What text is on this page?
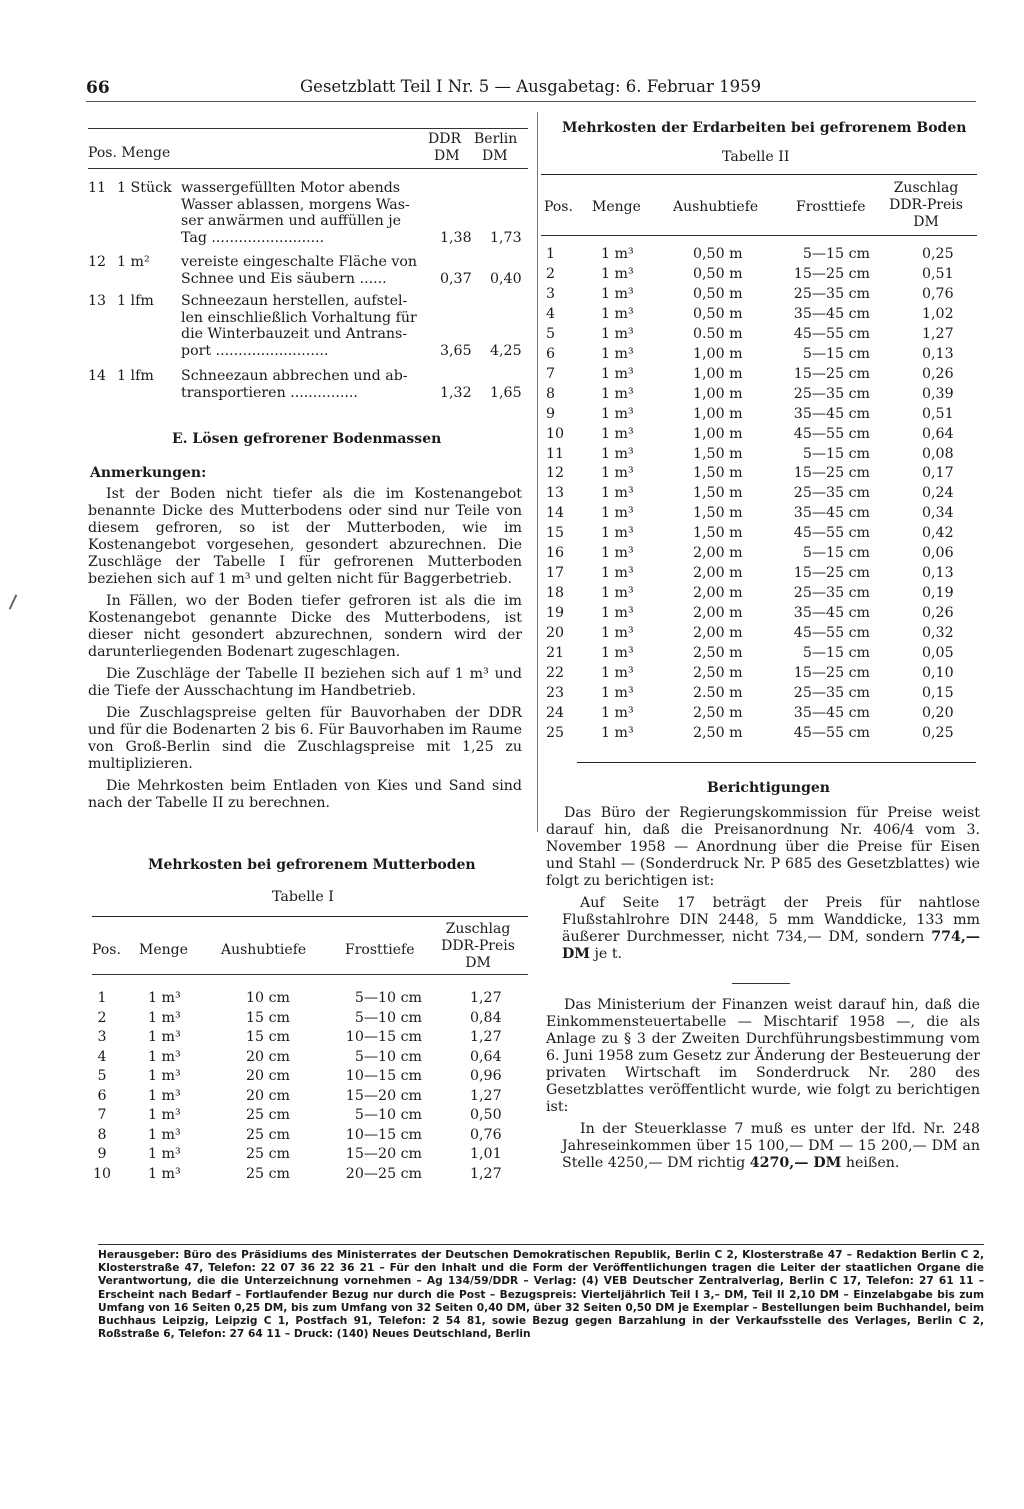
66	Gesetzblatt Teil I Nr. 5 — Ausgabetag: 6. Februar 1959
Pos. Menge
DDR Berlin
DM DM
11 1 Stück wassergefüllten Motor abends
Wasser ablassen, morgens Was-
ser anwärmen und auffüllen je
Tag .........................	1,38 1,73
12 1 m² vereiste eingeschalte Fläche von
Schnee und Eis säubern ......	0,37 0,40
13 1 lfm Schneezaun herstellen, aufstel-
len einschließlich Vorhaltung für
die Winterbauzeit und Antrans-
port .........................	3,65 4,25
14 1 lfm Schneezaun abbrechen und ab-
transportieren ...............	1,32 1,65
E. Lösen gefrorener Bodenmassen
Anmerkungen:

Ist der Boden nicht tiefer als die im Kostenangebot benannte Dicke des Mutterbodens oder sind nur Teile von diesem gefroren, so ist der Mutterboden, wie im Kostenangebot vorgesehen, gesondert abzurechnen. Die Zuschläge der Tabelle I für gefrorenen Mutterboden beziehen sich auf 1 m³ und gelten nicht für Baggerbetrieb.

In Fällen, wo der Boden tiefer gefroren ist als die im Kostenangebot genannte Dicke des Mutterbodens, ist dieser nicht gesondert abzurechnen, sondern wird der darunterliegenden Bodenart zugeschlagen.

Die Zuschläge der Tabelle II beziehen sich auf 1 m³ und die Tiefe der Ausschachtung im Handbetrieb.

Die Zuschlagspreise gelten für Bauvorhaben der DDR und für die Bodenarten 2 bis 6. Für Bauvorhaben im Raume von Groß-Berlin sind die Zuschlagspreise mit 1,25 zu multiplizieren.

Die Mehrkosten beim Entladen von Kies und Sand sind nach der Tabelle II zu berechnen.

Mehrkosten bei gefrorenem Mutterboden
Tabelle I
Pos. Menge Aushubtiefe	Frosttiefe
Zuschlag
DDR-Preis
DM
1	1 m³	10 cm	5—10 cm	1,27
2	1 m³	15 cm	5—10 cm	0,84
3	1 m³	15 cm	10—15 cm	1,27
4	1 m³	20 cm	5—10 cm	0,64
5	1 m³	20 cm	10—15 cm	0,96
6	1 m³	20 cm	15—20 cm	1,27
7	1 m³	25 cm	5—10 cm	0,50
8	1 m³	25 cm	10—15 cm	0,76
9	1 m³	25 cm	15—20 cm	1,01
10	1 m³	25 cm	20—25 cm	1,27
Mehrkosten der Erdarbeiten bei gefrorenem Boden
Tabelle II
Pos. Menge Aushubtiefe	Frosttiefe
Zuschlag
DDR-Preis
DM
1	1 m³	0,50 m	5—15 cm	0,25
2	1 m³	0,50 m	15—25 cm	0,51
3	1 m³	0,50 m	25—35 cm	0,76
4	1 m³	0,50 m	35—45 cm	1,02
5	1 m³	0.50 m	45—55 cm	1,27
6	1 m³	1,00 m	5—15 cm	0,13
7	1 m³	1,00 m	15—25 cm	0,26
8	1 m³	1,00 m	25—35 cm	0,39
9	1 m³	1,00 m	35—45 cm	0,51
10	1 m³	1,00 m	45—55 cm	0,64
11	1 m³	1,50 m	5—15 cm	0,08
12	1 m³	1,50 m	15—25 cm	0,17
13	1 m³	1,50 m	25—35 cm	0,24
14	1 m³	1,50 m	35—45 cm	0,34
15	1 m³	1,50 m	45—55 cm	0,42
16	1 m³	2,00 m	5—15 cm	0,06
17	1 m³	2,00 m	15—25 cm	0,13
18	1 m³	2,00 m	25—35 cm	0,19
19	1 m³	2,00 m	35—45 cm	0,26
20	1 m³	2,00 m	45—55 cm	0,32
21	1 m³	2,50 m	5—15 cm	0,05
22	1 m³	2,50 m	15—25 cm	0,10
23	1 m³	2.50 m	25—35 cm	0,15
24	1 m³	2,50 m	35—45 cm	0,20
25	1 m³	2,50 m	45—55 cm	0,25
Berichtigungen

Das Büro der Regierungskommission für Preise weist darauf hin, daß die Preisanordnung Nr. 406/4 vom 3. November 1958 — Anordnung über die Preise für Eisen und Stahl — (Sonderdruck Nr. P 685 des Gesetzblattes) wie folgt zu berichtigen ist:

Auf Seite 17 beträgt der Preis für nahtlose Flußstahlrohre DIN 2448, 5 mm Wanddicke, 133 mm äußerer Durchmesser, nicht 734,— DM, sondern 774,— DM je t.

Das Ministerium der Finanzen weist darauf hin, daß die Einkommensteuertabelle — Mischtarif 1958 —, die als Anlage zu § 3 der Zweiten Durchführungsbestimmung vom 6. Juni 1958 zum Gesetz zur Änderung der Besteuerung der privaten Wirtschaft im Sonderdruck Nr. 280 des Gesetzblattes veröffentlicht wurde, wie folgt zu berichtigen ist:

In der Steuerklasse 7 muß es unter der lfd. Nr. 248 Jahreseinkommen über 15 100,— DM — 15 200,— DM an Stelle 4250,— DM richtig 4270,— DM heißen.

Herausgeber: Büro des Präsidiums des Ministerrates der Deutschen Demokratischen Republik, Berlin C 2, Klosterstraße 47 – Redaktion Berlin C 2, Klosterstraße 47, Telefon: 22 07 36 22 36 21 – Für den Inhalt und die Form der Veröffentlichungen tragen die Leiter der staatlichen Organe die Verantwortung, die die Unterzeichnung vornehmen – Ag 134/59/DDR – Verlag: (4) VEB Deutscher Zentralverlag, Berlin C 17, Telefon: 27 61 11 – Erscheint nach Bedarf – Fortlaufender Bezug nur durch die Post – Bezugspreis: Vierteljährlich Teil I 3,– DM, Teil II 2,10 DM – Einzelabgabe bis zum Umfang von 16 Seiten 0,25 DM, bis zum Umfang von 32 Seiten 0,40 DM, über 32 Seiten 0,50 DM je Exemplar – Bestellungen beim Buchhandel, beim Buchhaus Leipzig, Leipzig C 1, Postfach 91, Telefon: 2 54 81, sowie Bezug gegen Barzahlung in der Verkaufsstelle des Verlages, Berlin C 2, Roßstraße 6, Telefon: 27 64 11 – Druck: (140) Neues Deutschland, Berlin
